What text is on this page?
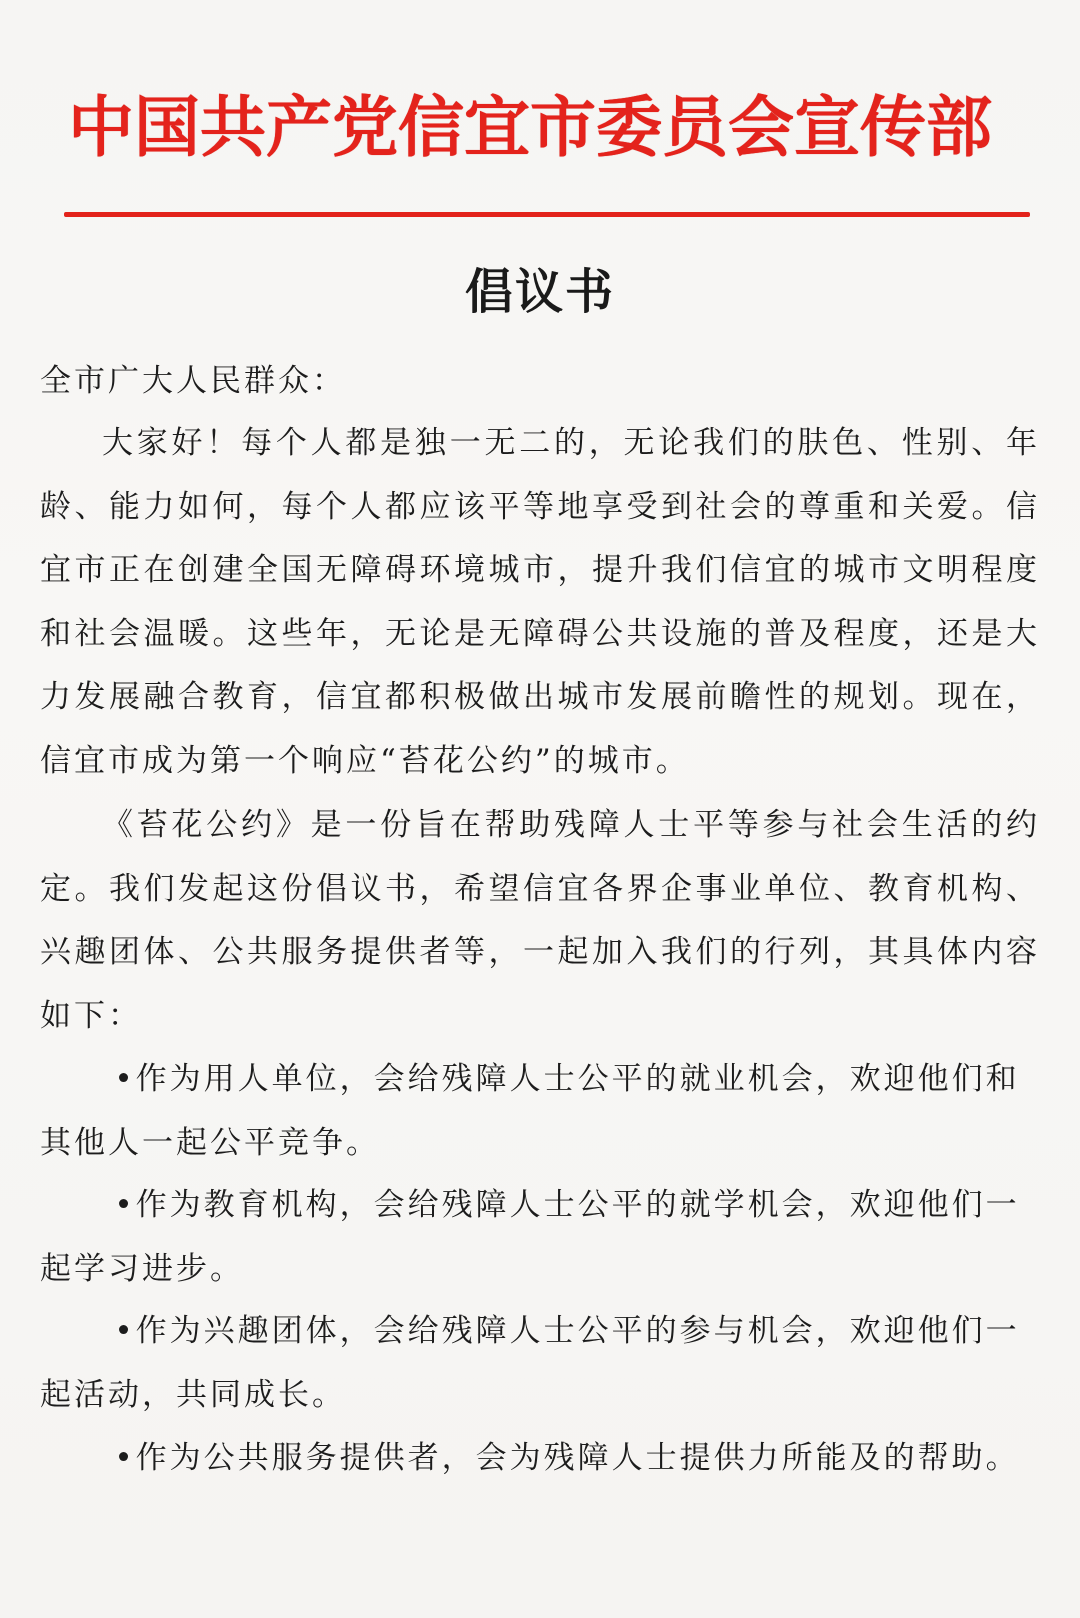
中国共产党信宜市委员会宣传部
倡议书

全市广大人民群众：

大家好！每个人都是独一无二的，无论我们的肤色、性别、年龄、能力如何，每个人都应该平等地享受到社会的尊重和关爱。信宜市正在创建全国无障碍环境城市，提升我们信宜的城市文明程度和社会温暖。这些年，无论是无障碍公共设施的普及程度，还是大力发展融合教育，信宜都积极做出城市发展前瞻性的规划。现在，信宜市成为第一个响应“苔花公约”的城市。

《苔花公约》是一份旨在帮助残障人士平等参与社会生活的约定。我们发起这份倡议书，希望信宜各界企事业单位、教育机构、兴趣团体、公共服务提供者等，一起加入我们的行列，其具体内容如下：

•作为用人单位，会给残障人士公平的就业机会，欢迎他们和其他人一起公平竞争。

•作为教育机构，会给残障人士公平的就学机会，欢迎他们一起学习进步。

•作为兴趣团体，会给残障人士公平的参与机会，欢迎他们一起活动，共同成长。

•作为公共服务提供者，会为残障人士提供力所能及的帮助。
